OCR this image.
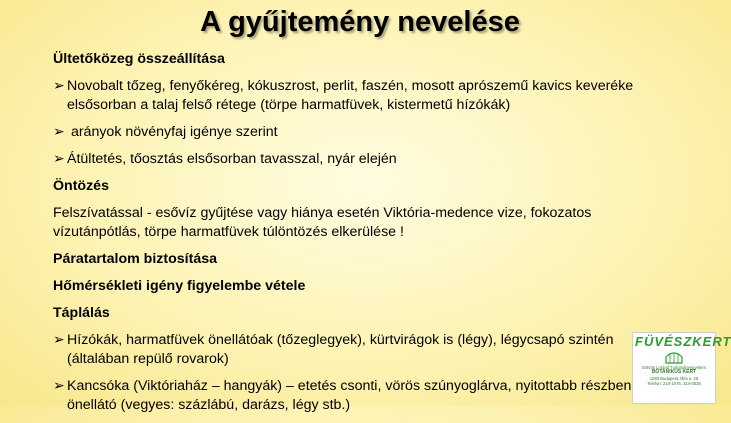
A gyűjtemény nevelése
Ültetőközeg összeállítása
➢ Novobalt tőzeg, fenyőkéreg, kókuszrost, perlit, faszén, mosott aprószemű kavics keveréke elsősorban a talaj felső rétege (törpe harmatfüvek, kistermetű hízókák)
➢ arányok növényfaj igénye szerint
➢ Átültetés, tőosztás elsősorban tavasszal, nyár elején
Öntözés
Felszívatással - esővíz gyűjtése vagy hiánya esetén Viktória-medence vize, fokozatos vízutánpótlás, törpe harmatfüvek túlöntözés elkerülése !
Páratartalom biztosítása
Hőmérsékleti igény figyelembe vétele
Táplálás
➢ Hízókák, harmatfüvek önellátóak (tőzeglegyek), kürtvirágok is (légy), légycsapó szintén (általában repülő rovarok)
➢ Kancsóka (Viktóriaház – hangyák) – etetés csonti, vörös szúnyoglárva, nyitottabb részben önellátó (vegyes: százlábú, darázs, légy stb.)
FÜVÉSZKERT
Eötvös Loránd Tudományegyetem
BOTANIKUS KERT
1083 Budapest, Illés u. 25
Telefon: 210-1076, 314-0535
